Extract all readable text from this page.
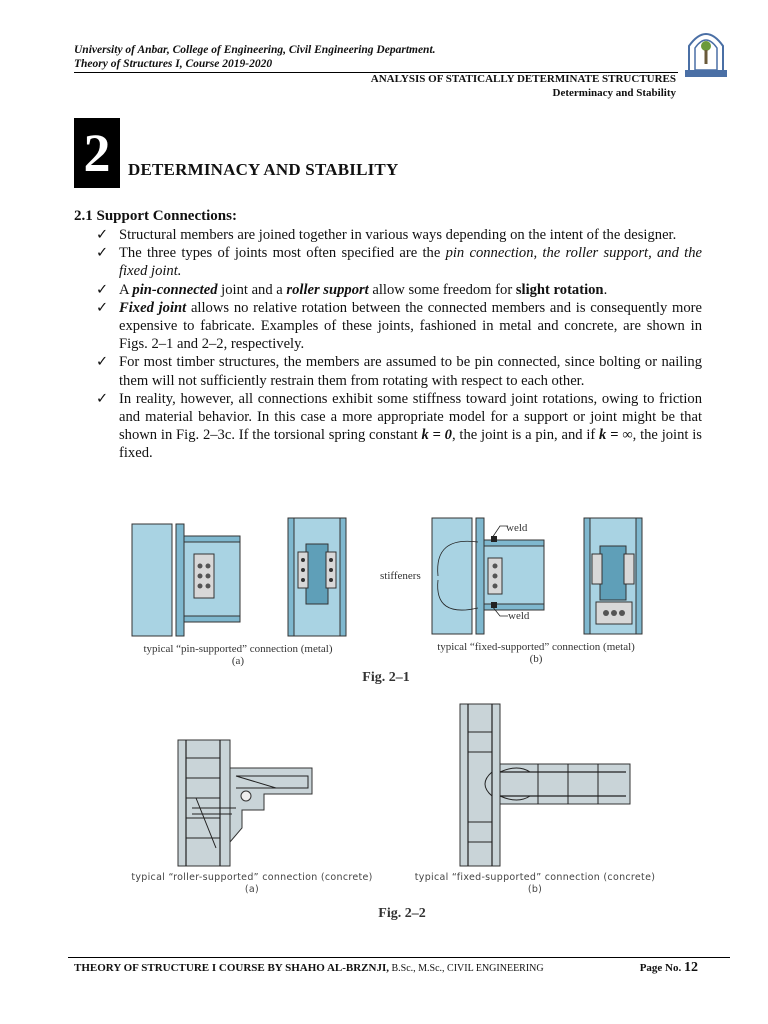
University of Anbar, College of Engineering, Civil Engineering Department.
Theory of Structures I, Course 2019-2020
ANALYSIS OF STATICALLY DETERMINATE STRUCTURES
Determinacy and Stability
2	DETERMINACY AND STABILITY
2.1 Support Connections:
✓ Structural members are joined together in various ways depending on the intent of the designer.
✓ The three types of joints most often specified are the pin connection, the roller support, and the fixed joint.
✓ A pin-connected joint and a roller support allow some freedom for slight rotation.
✓ Fixed joint allows no relative rotation between the connected members and is consequently more expensive to fabricate. Examples of these joints, fashioned in metal and concrete, are shown in Figs. 2–1 and 2–2, respectively.
✓ For most timber structures, the members are assumed to be pin connected, since bolting or nailing them will not sufficiently restrain them from rotating with respect to each other.
✓ In reality, however, all connections exhibit some stiffness toward joint rotations, owing to friction and material behavior. In this case a more appropriate model for a support or joint might be that shown in Fig. 2–3c. If the torsional spring constant k = 0, the joint is a pin, and if k = ∞, the joint is fixed.
typical “pin-supported” connection (metal)
(a)
weld
stiffeners
weld
typical “fixed-supported” connection (metal)
(b)
Fig. 2–1
typical “roller-supported” connection (concrete)
(a)
typical “fixed-supported” connection (concrete)
(b)
Fig. 2–2
THEORY OF STRUCTURE I COURSE BY SHAHO AL-BRZNJI, B.Sc., M.Sc., CIVIL ENGINEERING	Page No. 12
